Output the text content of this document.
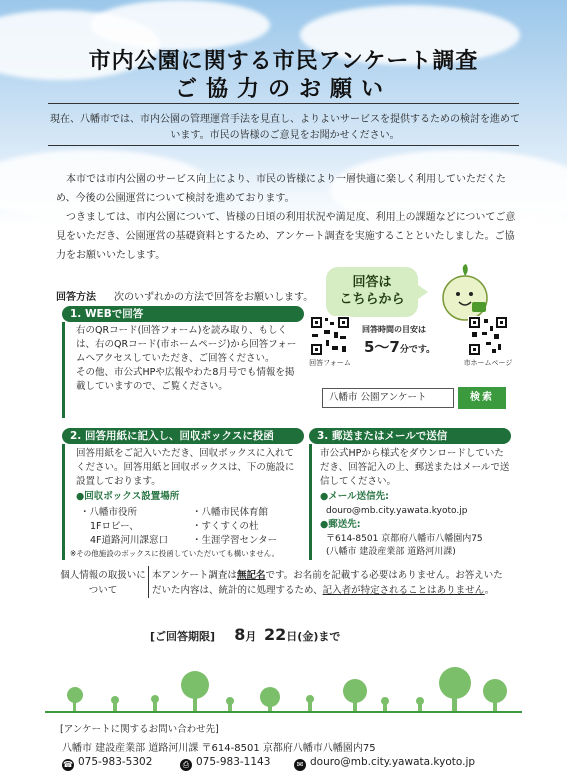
市内公園に関する市民アンケート調査
ご協力のお願い
現在、八幡市では、市内公園の管理運営手法を見直し、よりよいサービスを提供するための検討を進めています。市民の皆様のご意見をお聞かせください。

本市では市内公園のサービス向上により、市民の皆様により一層快適に楽しく利用していただくため、今後の公園運営について検討を進めております。

つきましては、市内公園について、皆様の日頃の利用状況や満足度、利用上の課題などについてご意見をいただき、公園運営の基礎資料とするため、アンケート調査を実施することといたしました。ご協力をお願いいたします。

回答方法 次のいずれかの方法で回答をお願いします。
回答は
こちらから
1. WEBで回答
右のQRコード(回答フォーム)を読み取り、もしくは、右のQRコード(市ホームページ)から回答フォームへアクセスしていただき、ご回答ください。
その他、市公式HPや広報やわた8月号でも情報を掲載していますので、ご覧ください。
回答フォーム	市ホームページ
回答時間の目安は
5〜7分です。
八幡市 公園アンケート	検索
2. 回答用紙に記入し、回収ボックスに投函
回答用紙をご記入いただき、回収ボックスに入れてください。回答用紙と回収ボックスは、下の施設に設置しております。
●回収ボックス設置場所
・八幡市役所
1Fロビー、
4F道路河川課窓口
・八幡市民体育館
・すくすくの杜
・生涯学習センター
※その他施設のボックスに投函していただいても構いません。
3. 郵送またはメールで送信
市公式HPから様式をダウンロードしていただき、回答記入の上、郵送またはメールで送信してください。
●メール送信先:
douro@mb.city.yawata.kyoto.jp
●郵送先:
〒614-8501 京都府八幡市八幡園内75
(八幡市 建設産業部 道路河川課)
個人情報の取扱いについて
本アンケート調査は無記名です。お名前を記載する必要はありません。お答えいただいた内容は、統計的に処理するため、記入者が特定されることはありません。
[ご回答期限] 8月 22日(金)まで
[アンケートに関するお問い合わせ先]
八幡市 建設産業部 道路河川課 〒614-8501 京都府八幡市八幡園内75
☎ 075-983-5302	⎙ 075-983-1143	✉ douro@mb.city.yawata.kyoto.jp
